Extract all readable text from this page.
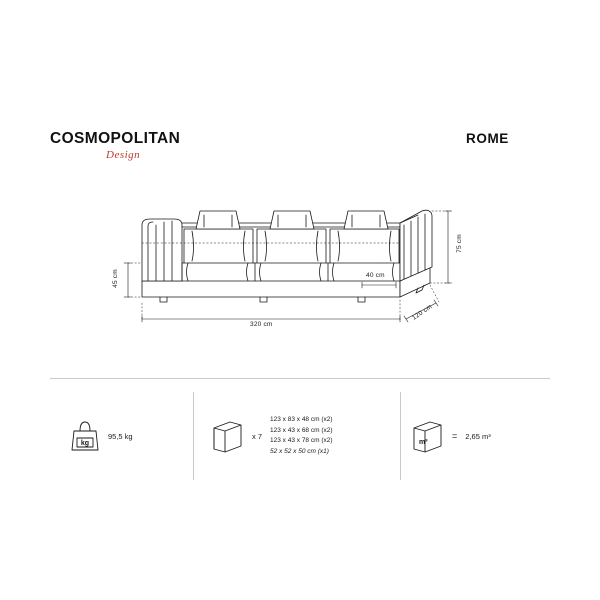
COSMOPOLITAN
Design
ROME
320 cm
120 cm
75 cm
45 cm	40 cm
kg
95,5 kg	x 7
123 x 83 x 48 cm (x2)
123 x 43 x 68 cm (x2)
123 x 43 x 78 cm (x2)
52 x 52 x 50 cm (x1)
m³
= 2,65 m³
